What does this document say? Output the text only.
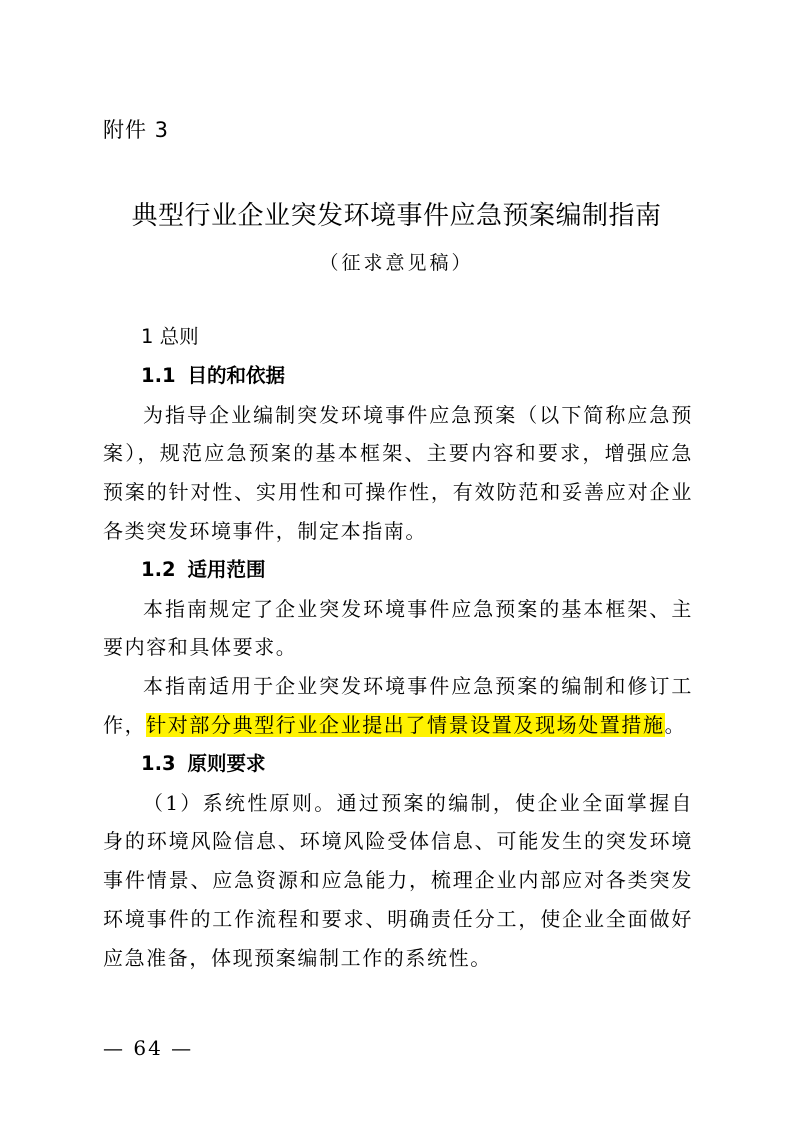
附件 3
典型行业企业突发环境事件应急预案编制指南
（征求意见稿）
1 总则
1.1 目的和依据
为指导企业编制突发环境事件应急预案（以下简称应急预案），规范应急预案的基本框架、主要内容和要求，增强应急预案的针对性、实用性和可操作性，有效防范和妥善应对企业各类突发环境事件，制定本指南。
1.2 适用范围
本指南规定了企业突发环境事件应急预案的基本框架、主要内容和具体要求。
本指南适用于企业突发环境事件应急预案的编制和修订工作，针对部分典型行业企业提出了情景设置及现场处置措施。
1.3 原则要求
（1）系统性原则。通过预案的编制，使企业全面掌握自身的环境风险信息、环境风险受体信息、可能发生的突发环境事件情景、应急资源和应急能力，梳理企业内部应对各类突发环境事件的工作流程和要求、明确责任分工，使企业全面做好应急准备，体现预案编制工作的系统性。
— 64 —
